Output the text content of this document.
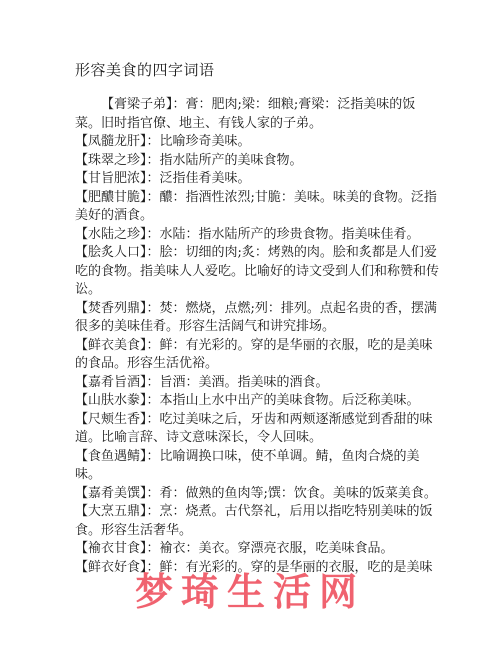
形容美食的四字词语

【膏梁子弟】：膏：肥肉;梁：细粮;膏梁：泛指美味的饭菜。旧时指官僚、地主、有钱人家的子弟。

【凤髓龙肝】：比喻珍奇美味。

【珠翠之珍】：指水陆所产的美味食物。

【甘旨肥浓】：泛指佳肴美味。

【肥醲甘脆】：醲：指酒性浓烈;甘脆：美味。味美的食物。泛指美好的酒食。

【水陆之珍】：水陆：指水陆所产的珍贵食物。指美味佳肴。

【脍炙人口】：脍：切细的肉;炙：烤熟的肉。脍和炙都是人们爱吃的食物。指美味人人爱吃。比喻好的诗文受到人们和称赞和传讼。

【焚香列鼎】：焚：燃烧，点燃;列：排列。点起名贵的香，摆满很多的美味佳肴。形容生活阔气和讲究排场。

【鲜衣美食】：鲜：有光彩的。穿的是华丽的衣服，吃的是美味的食品。形容生活优裕。

【嘉肴旨酒】：旨酒：美酒。指美味的酒食。

【山肤水豢】：本指山上水中出产的美味食物。后泛称美味。

【尺颊生香】：吃过美味之后，牙齿和两颊逐渐感觉到香甜的味道。比喻言辞、诗文意味深长，令人回味。

【食鱼遇鲭】：比喻调换口味，使不单调。鲭，鱼肉合烧的美味。

【嘉肴美馔】：肴：做熟的鱼肉等;馔：饮食。美味的饭菜美食。

【大烹五鼎】：烹：烧煮。古代祭礼，后用以指吃特别美味的饭食。形容生活奢华。

【褕衣甘食】：褕衣：美衣。穿漂亮衣服，吃美味食品。

【鲜衣好食】：鲜：有光彩的。穿的是华丽的衣服，吃的是美味

梦琦生活网
